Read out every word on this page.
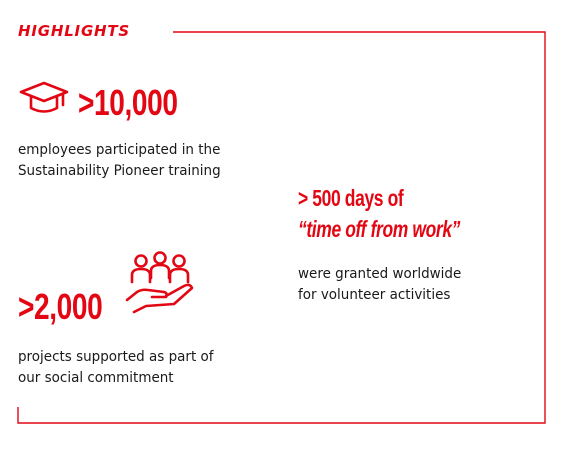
HIGHLIGHTS
>10,000
employees participated in the
Sustainability Pioneer training
> 500 days of
“time off from work”
were granted worldwide
for volunteer activities
>2,000
projects supported as part of
our social commitment
